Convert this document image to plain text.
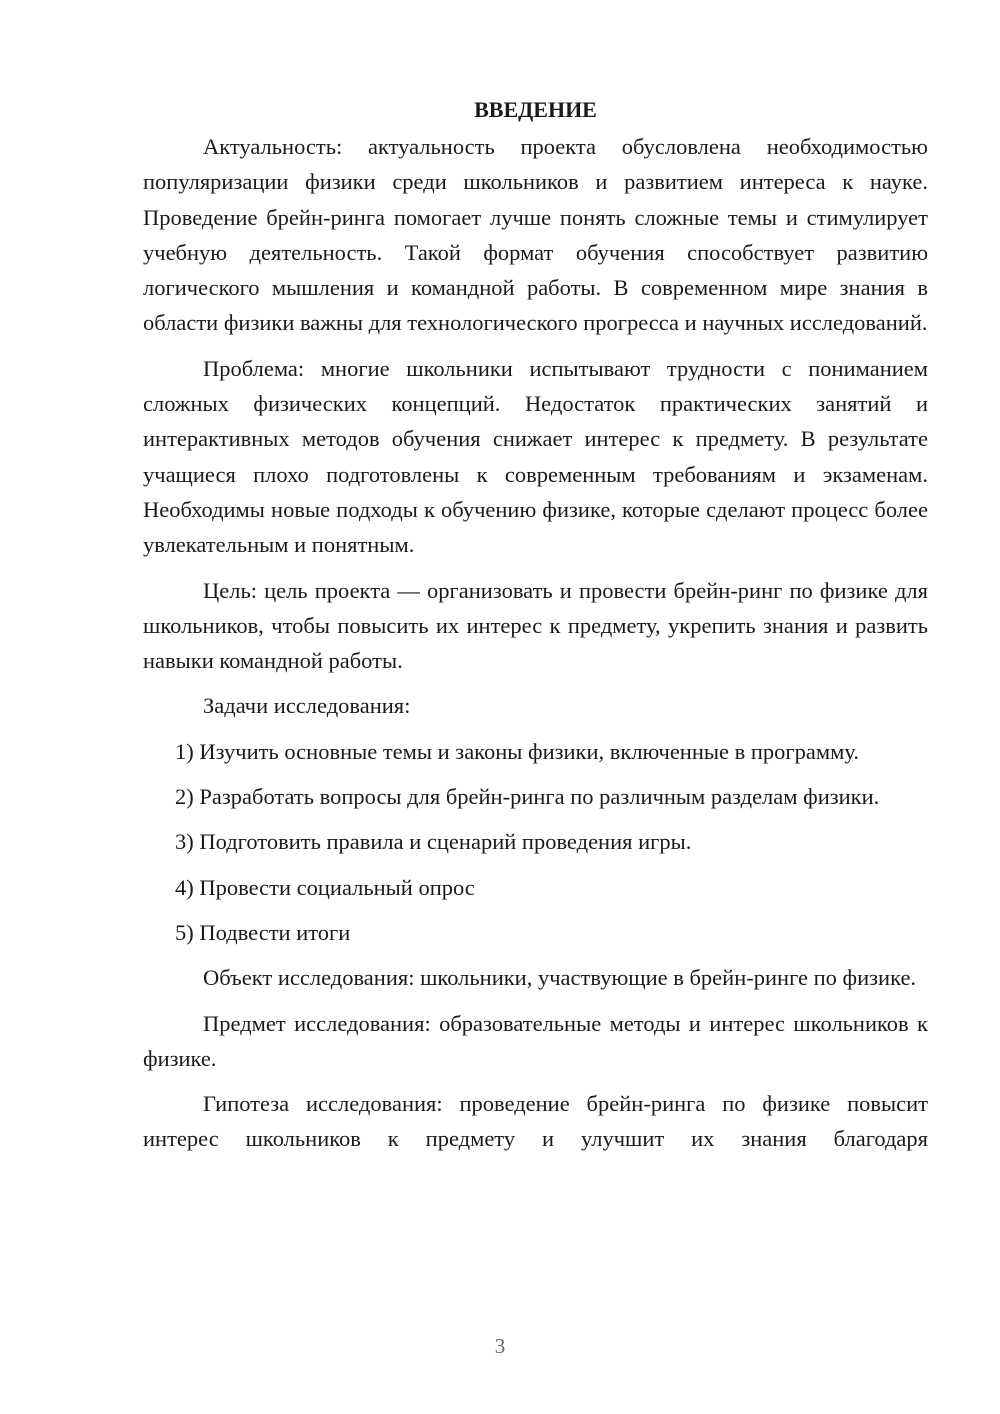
ВВЕДЕНИЕ

Актуальность: актуальность проекта обусловлена необходимостью популяризации физики среди школьников и развитием интереса к науке. Проведение брейн-ринга помогает лучше понять сложные темы и стимулирует учебную деятельность. Такой формат обучения способствует развитию логического мышления и командной работы. В современном мире знания в области физики важны для технологического прогресса и научных исследований.

Проблема: многие школьники испытывают трудности с пониманием сложных физических концепций. Недостаток практических занятий и интерактивных методов обучения снижает интерес к предмету. В результате учащиеся плохо подготовлены к современным требованиям и экзаменам. Необходимы новые подходы к обучению физике, которые сделают процесс более увлекательным и понятным.

Цель: цель проекта — организовать и провести брейн-ринг по физике для школьников, чтобы повысить их интерес к предмету, укрепить знания и развить навыки командной работы.

Задачи исследования:

1) Изучить основные темы и законы физики, включенные в программу.

2) Разработать вопросы для брейн-ринга по различным разделам физики.

3) Подготовить правила и сценарий проведения игры.

4) Провести социальный опрос

5) Подвести итоги

Объект исследования: школьники, участвующие в брейн-ринге по физике.

Предмет исследования: образовательные методы и интерес школьников к физике.

Гипотеза исследования: проведение брейн-ринга по физике повысит интерес школьников к предмету и улучшит их знания благодаря

3
